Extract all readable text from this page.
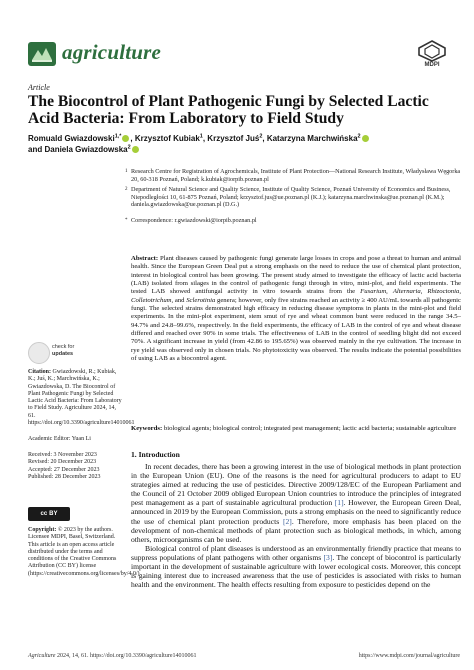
agriculture
MDPI
Article
The Biocontrol of Plant Pathogenic Fungi by Selected Lactic Acid Bacteria: From Laboratory to Field Study
Romuald Gwiazdowski$^{1,*}$ , Krzysztof Kubiak$^1$, Krzysztof Juś$^2$, Katarzyna Marchwińska$^2$
and Daniela Gwiazdowska$^2$
1 Research Centre for Registration of Agrochemicals, Institute of Plant Protection—National Research Institute, Władysława Węgorka 20, 60-318 Poznań, Poland; k.kubiak@iorpib.poznan.pl
2 Department of Natural Science and Quality Science, Institute of Quality Science, Poznań University of Economics and Business, Niepodległości 10, 61-875 Poznań, Poland; krzysztof.jus@ue.poznan.pl (K.J.); katarzyna.marchwinska@ue.poznan.pl (K.M.); daniela.gwiazdowska@ue.poznan.pl (D.G.)
* Correspondence: r.gwiazdowski@iorpib.poznan.pl
Abstract: Plant diseases caused by pathogenic fungi generate large losses in crops and pose a threat to human and animal health. Since the European Green Deal put a strong emphasis on the need to reduce the use of chemical plant protection, interest in biological control has been growing. The present study aimed to investigate the efficacy of lactic acid bacteria (LAB) isolated from silages in the control of pathogenic fungi through in vitro, mini-plot, and field experiments. The tested LAB showed antifungal activity in vitro towards strains from the Fusarium, Alternaria, Rhizoctonia, Colletotrichum, and Sclerotinia genera; however, only five strains reached an activity ≥ 400 AU/mL towards all pathogenic fungi. The selected strains demonstrated high efficacy in reducing disease symptoms in plants in the mini-plot and field experiments. In the mini-plot experiment, stem smut of rye and wheat common bunt were reduced in the range 34.5–94.7% and 24.8–99.6%, respectively. In the field experiments, the efficacy of LAB in the control of rye and wheat disease differed and reached over 90% in some trials. The effectiveness of LAB in the control of seedling blight did not exceed 70%. A significant increase in yield (from 42.86 to 195.65%) was observed mainly in the rye cultivation. The increase in rye yield was observed only in chosen trials. No phytotoxicity was observed. The results indicate the potential possibilities of using LAB as a biocontrol agent.
Keywords: biological agents; biological control; integrated pest management; lactic acid bacteria; sustainable agriculture
check for
updates
Citation: Gwiazdowski, R.; Kubiak, K.; Juś, K.; Marchwińska, K.; Gwiazdowska, D. The Biocontrol of Plant Pathogenic Fungi by Selected Lactic Acid Bacteria: From Laboratory to Field Study. Agriculture 2024, 14, 61. https://doi.org/10.3390/agriculture14010061
Academic Editor: Yuan Li
Received: 3 November 2023
Revised: 20 December 2023
Accepted: 27 December 2023
Published: 28 December 2023
cc BY
Copyright: © 2023 by the authors. Licensee MDPI, Basel, Switzerland. This article is an open access article distributed under the terms and conditions of the Creative Commons Attribution (CC BY) license (https://creativecommons.org/licenses/by/4.0/).
1. Introduction

In recent decades, there has been a growing interest in the use of biological methods in plant protection in the European Union (EU). One of the reasons is the need for agricultural producers to adapt to EU strategies aimed at reducing the use of pesticides. Directive 2009/128/EC of the European Parliament and the Council of 21 October 2009 obliged European Union countries to introduce the principles of integrated pest management as a part of sustainable agricultural production [1]. However, the European Green Deal, announced in 2019 by the European Commission, puts a strong emphasis on the need to significantly reduce the use of chemical plant protection products [2]. Therefore, more emphasis has been placed on the development of non-chemical methods of plant protection such as biological methods, in which, among others, microorganisms can be used.

Biological control of plant diseases is understood as an environmentally friendly practice that means to suppress populations of plant pathogens with other organisms [3]. The concept of biocontrol is particularly important in the development of sustainable agriculture with lower ecological costs. Moreover, this concept is gaining interest due to increased awareness that the use of pesticides is associated with risks to human health and the environment. The health effects resulting from exposure to pesticides depend on the

Agriculture 2024, 14, 61. https://doi.org/10.3390/agriculture14010061	https://www.mdpi.com/journal/agriculture
